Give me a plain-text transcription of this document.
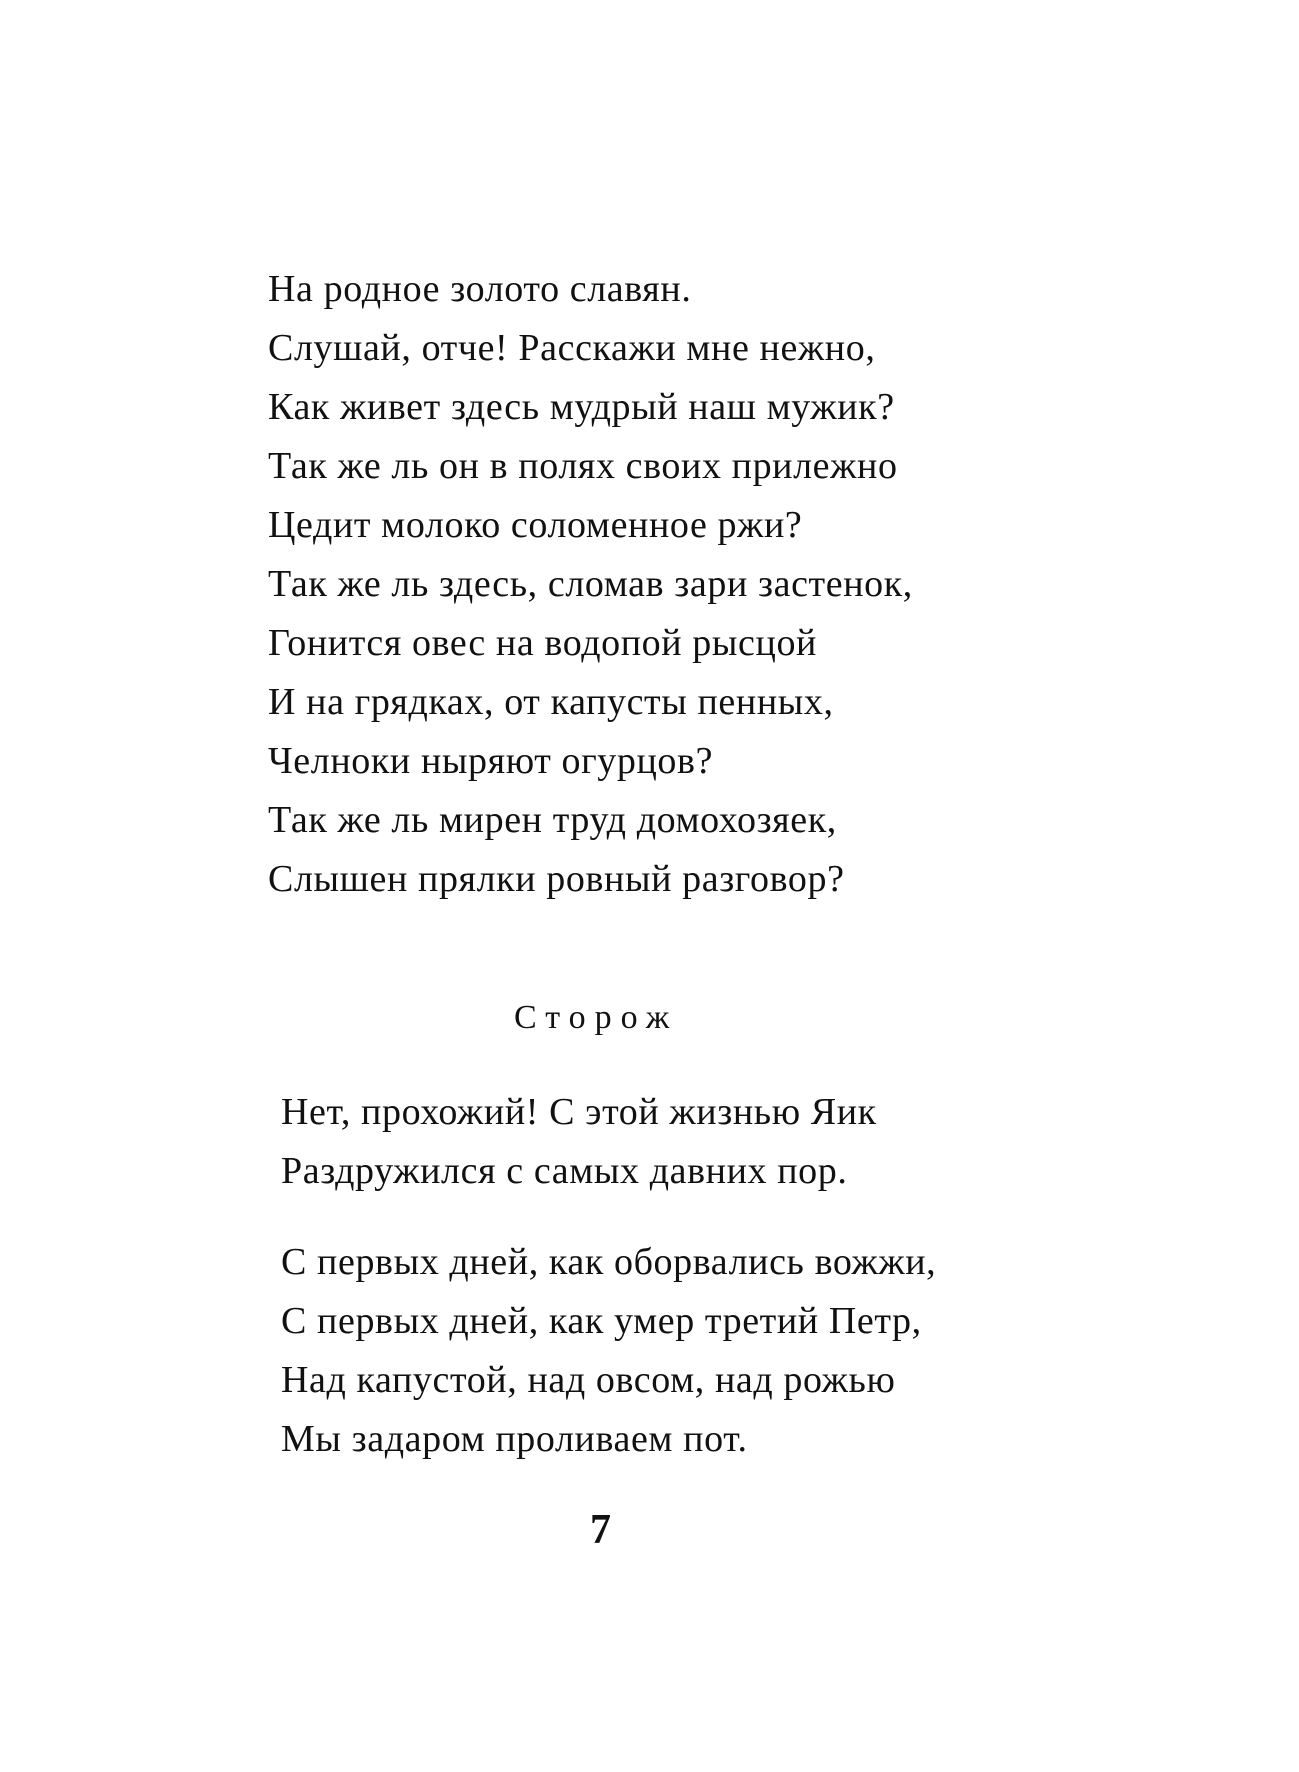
На родное золото славян.
Слушай, отче! Расскажи мне нежно,
Как живет здесь мудрый наш мужик?
Так же ль он в полях своих прилежно
Цедит молоко соломенное ржи?
Так же ль здесь, сломав зари застенок,
Гонится овес на водопой рысцой
И на грядках, от капусты пенных,
Челноки ныряют огурцов?
Так же ль мирен труд домохозяек,
Слышен прялки ровный разговор?
Сторож
Нет, прохожий! С этой жизнью Яик
Раздружился с самых давних пор.
С первых дней, как оборвались вожжи,
С первых дней, как умер третий Петр,
Над капустой, над овсом, над рожью
Мы задаром проливаем пот.
7
